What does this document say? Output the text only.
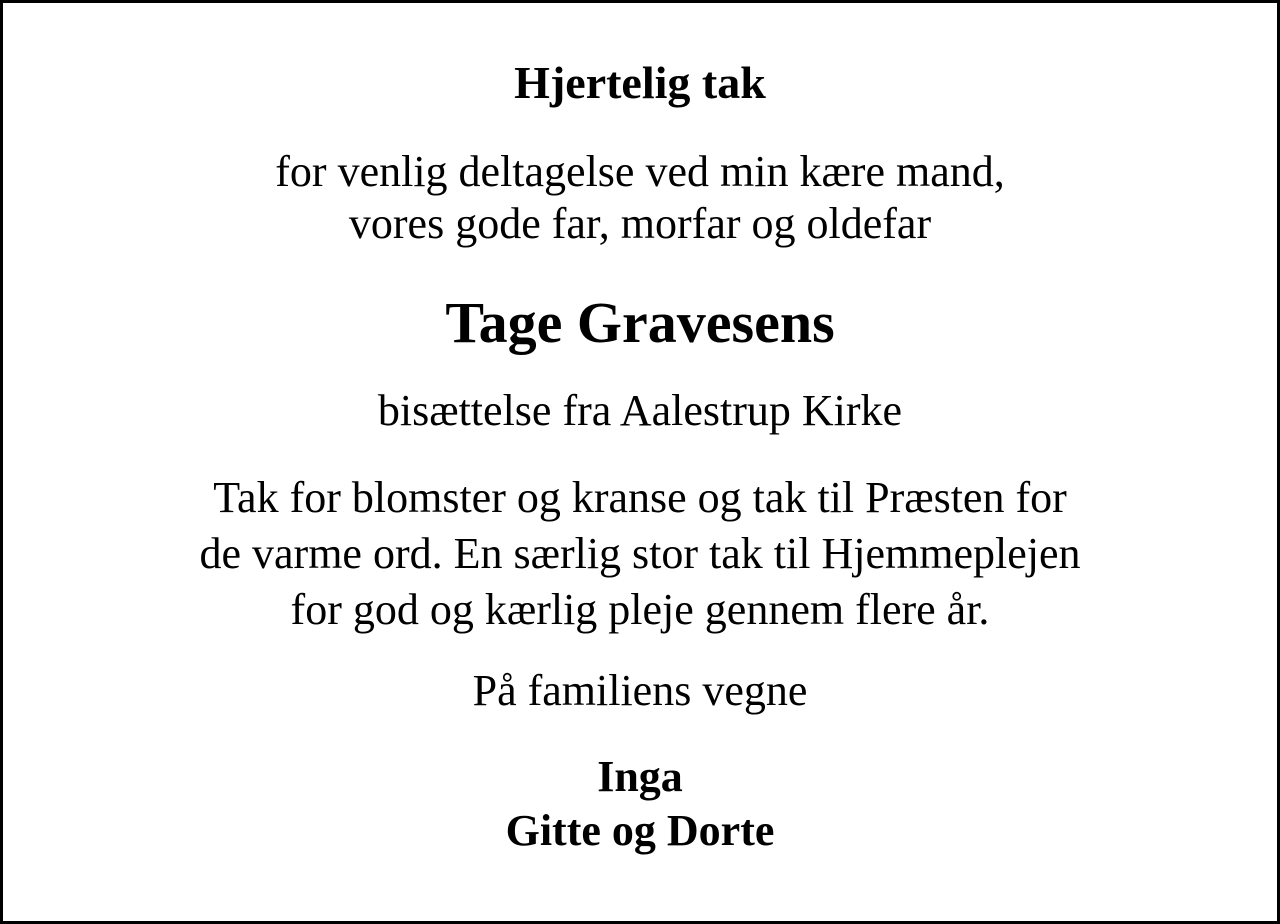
Hjertelig tak
for venlig deltagelse ved min kære mand,
vores gode far, morfar og oldefar
Tage Gravesens
bisættelse fra Aalestrup Kirke
Tak for blomster og kranse og tak til Præsten for
de varme ord. En særlig stor tak til Hjemmeplejen
for god og kærlig pleje gennem flere år.
På familiens vegne
Inga
Gitte og Dorte
